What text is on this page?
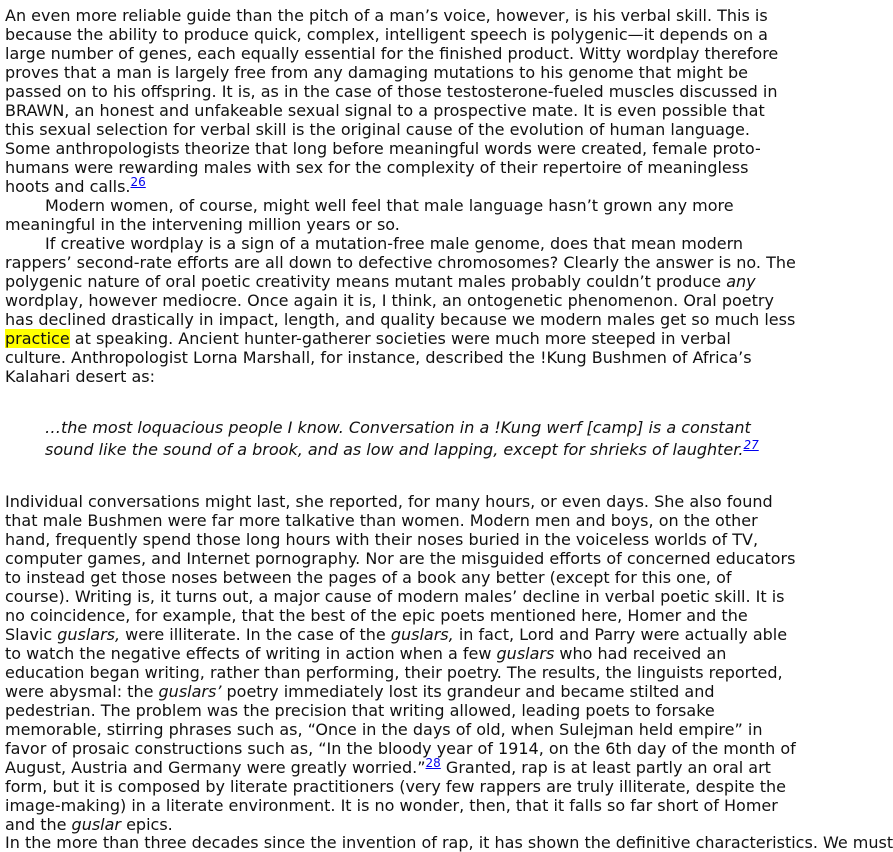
An even more reliable guide than the pitch of a man’s voice, however, is his verbal skill. This is because the ability to produce quick, complex, intelligent speech is polygenic—it depends on a large number of genes, each equally essential for the finished product. Witty wordplay therefore proves that a man is largely free from any damaging mutations to his genome that might be passed on to his offspring. It is, as in the case of those testosterone-fueled muscles discussed in BRAWN, an honest and unfakeable sexual signal to a prospective mate. It is even possible that this sexual selection for verbal skill is the original cause of the evolution of human language. Some anthropologists theorize that long before meaningful words were created, female proto-humans were rewarding males with sex for the complexity of their repertoire of meaningless hoots and calls.$^{26}$

Modern women, of course, might well feel that male language hasn’t grown any more meaningful in the intervening million years or so.

If creative wordplay is a sign of a mutation-free male genome, does that mean modern rappers’ second-rate efforts are all down to defective chromosomes? Clearly the answer is no. The polygenic nature of oral poetic creativity means mutant males probably couldn’t produce any wordplay, however mediocre. Once again it is, I think, an ontogenetic phenomenon. Oral poetry has declined drastically in impact, length, and quality because we modern males get so much less practice at speaking. Ancient hunter-gatherer societies were much more steeped in verbal culture. Anthropologist Lorna Marshall, for instance, described the !Kung Bushmen of Africa’s Kalahari desert as:

…the most loquacious people I know. Conversation in a !Kung werf [camp] is a constant sound like the sound of a brook, and as low and lapping, except for shrieks of laughter.$^{27}$

Individual conversations might last, she reported, for many hours, or even days. She also found that male Bushmen were far more talkative than women. Modern men and boys, on the other hand, frequently spend those long hours with their noses buried in the voiceless worlds of TV, computer games, and Internet pornography. Nor are the misguided efforts of concerned educators to instead get those noses between the pages of a book any better (except for this one, of course). Writing is, it turns out, a major cause of modern males’ decline in verbal poetic skill. It is no coincidence, for example, that the best of the epic poets mentioned here, Homer and the Slavic guslars, were illiterate. In the case of the guslars, in fact, Lord and Parry were actually able to watch the negative effects of writing in action when a few guslars who had received an education began writing, rather than performing, their poetry. The results, the linguists reported, were abysmal: the guslars’ poetry immediately lost its grandeur and became stilted and pedestrian. The problem was the precision that writing allowed, leading poets to forsake memorable, stirring phrases such as, “Once in the days of old, when Sulejman held empire” in favor of prosaic constructions such as, “In the bloody year of 1914, on the 6th day of the month of August, Austria and Germany were greatly worried.”$^{28}$ Granted, rap is at least partly an oral art form, but it is composed by literate practitioners (very few rappers are truly illiterate, despite the image-making) in a literate environment. It is no wonder, then, that it falls so far short of Homer and the guslar epics.

In the more than three decades since the invention of rap, it has shown the definitive characteristics. We must
